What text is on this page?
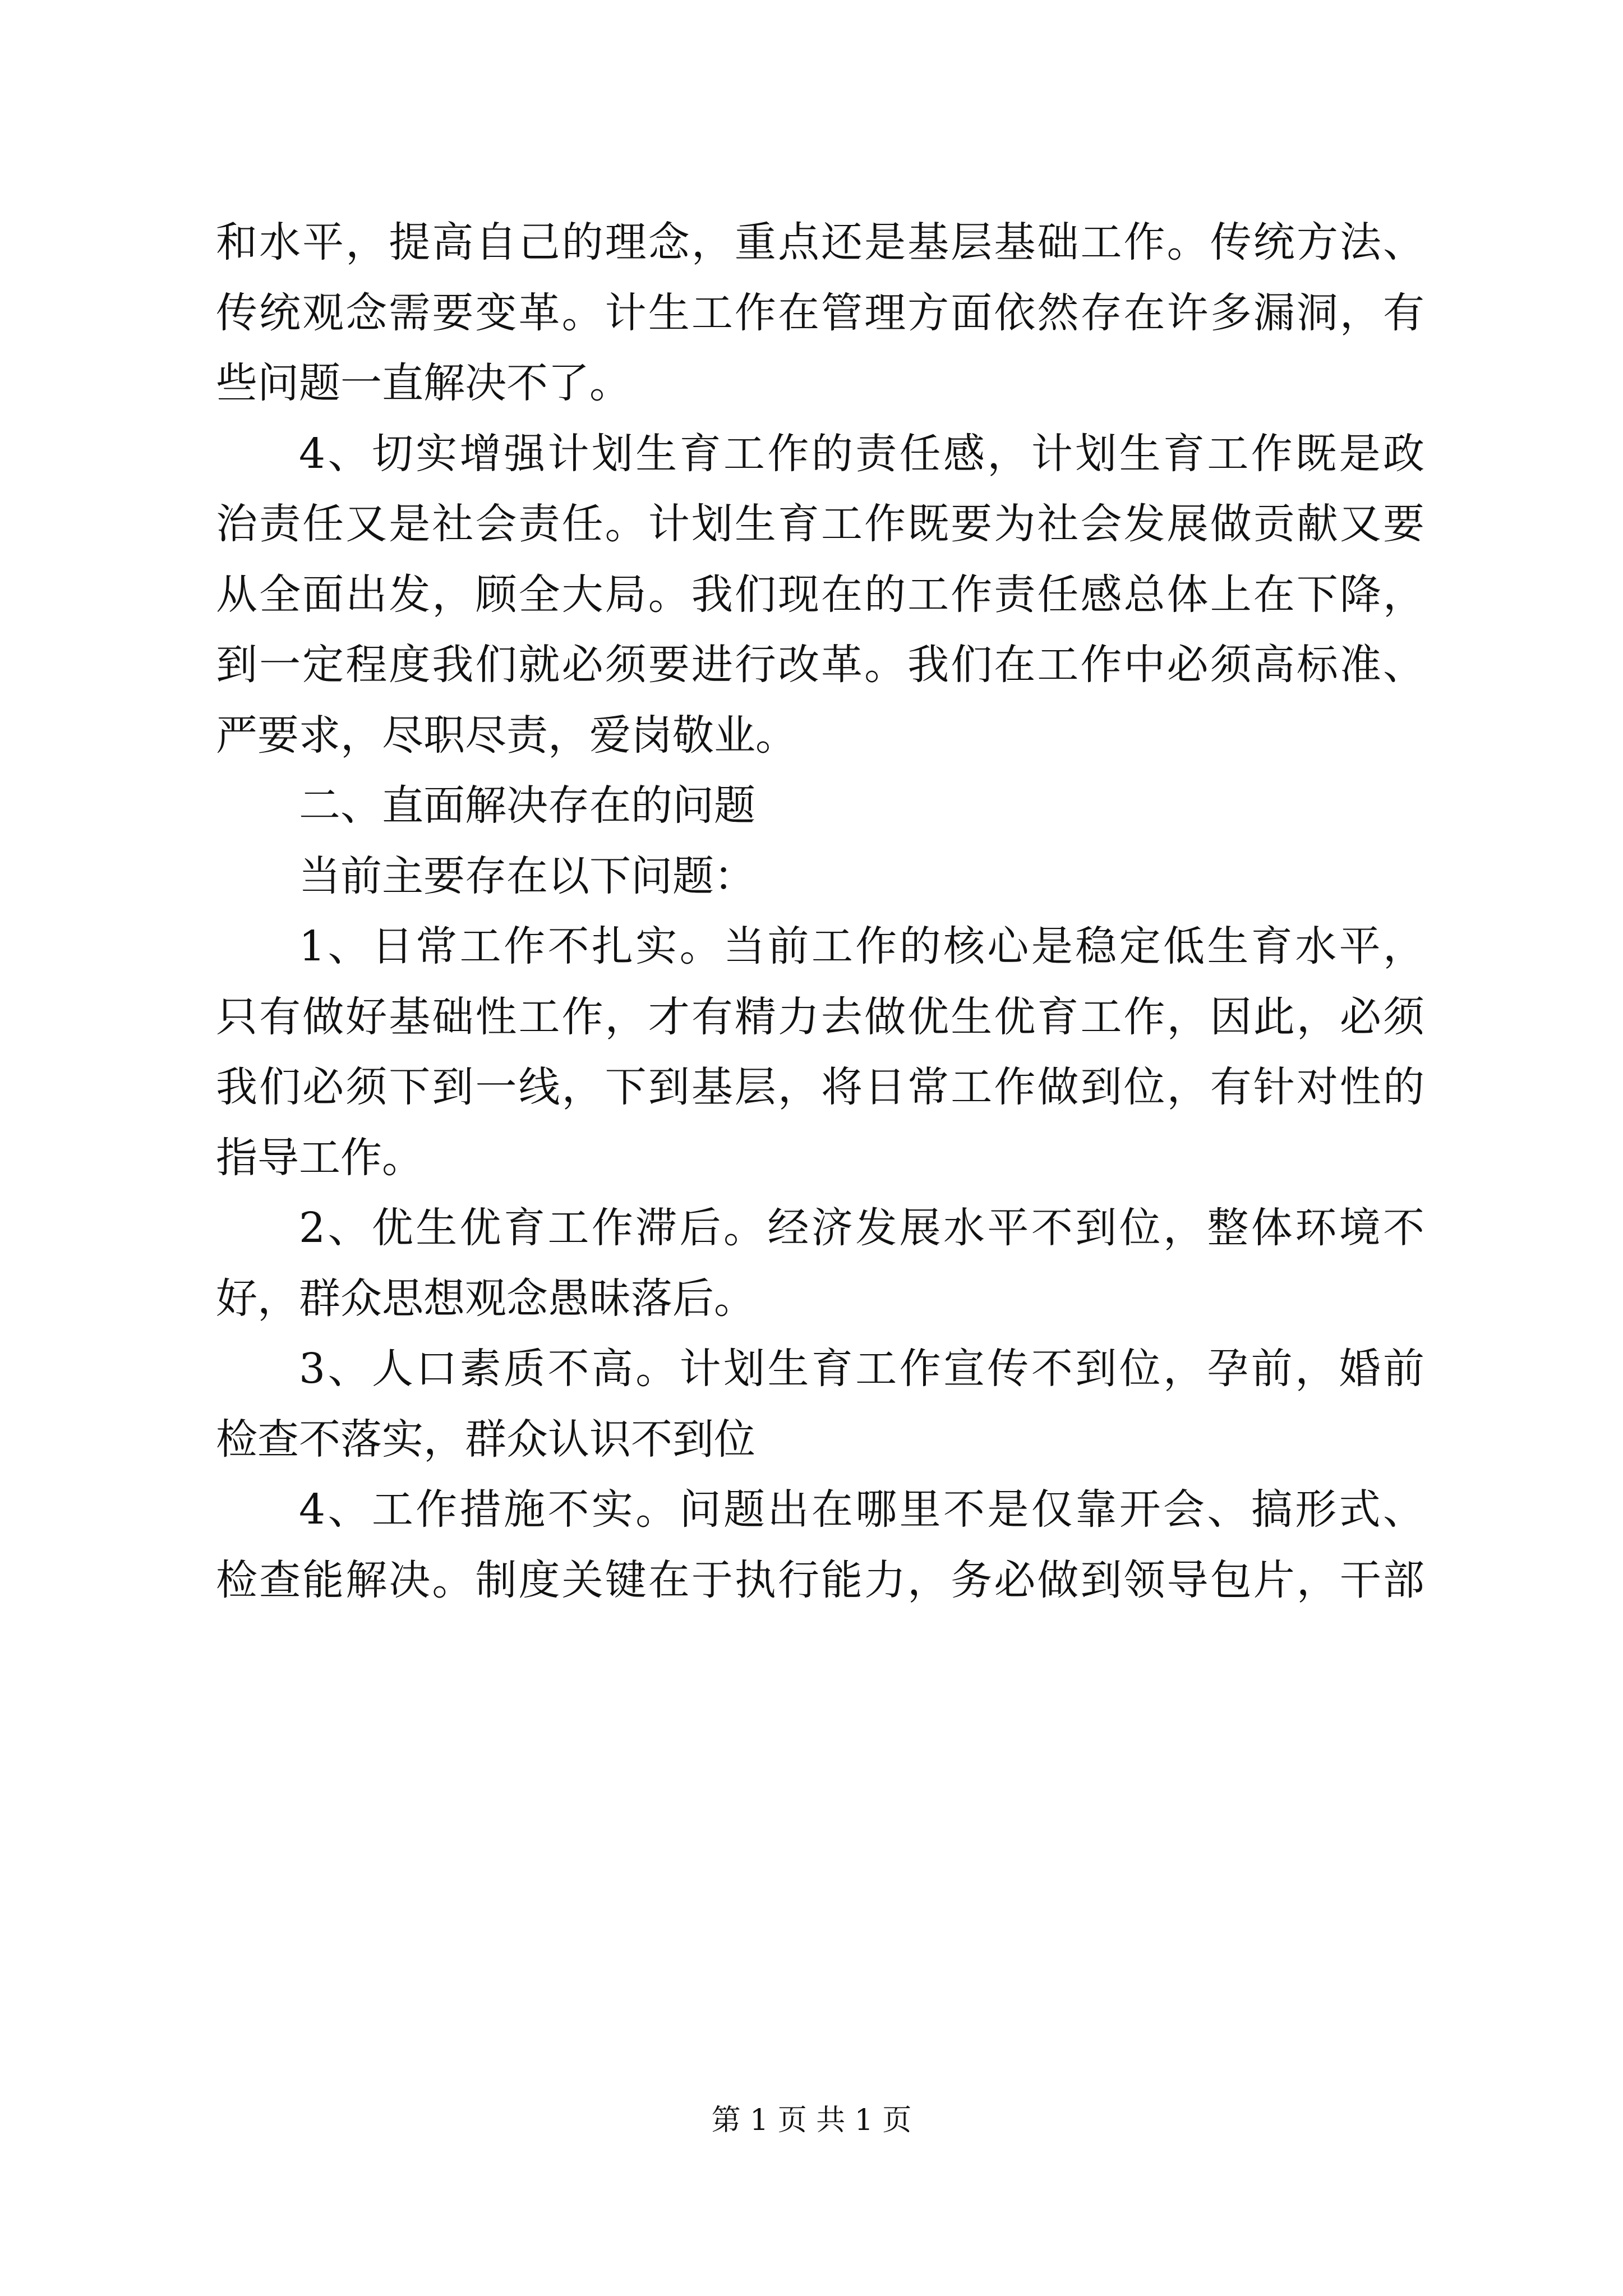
和水平，提高自己的理念，重点还是基层基础工作。传统方法、
传统观念需要变革。计生工作在管理方面依然存在许多漏洞，有
些问题一直解决不了。
4、切实增强计划生育工作的责任感，计划生育工作既是政
治责任又是社会责任。计划生育工作既要为社会发展做贡献又要
从全面出发，顾全大局。我们现在的工作责任感总体上在下降，
到一定程度我们就必须要进行改革。我们在工作中必须高标准、
严要求，尽职尽责，爱岗敬业。
二、直面解决存在的问题
当前主要存在以下问题：
1、日常工作不扎实。当前工作的核心是稳定低生育水平，
只有做好基础性工作，才有精力去做优生优育工作，因此，必须
我们必须下到一线，下到基层，将日常工作做到位，有针对性的
指导工作。
2、优生优育工作滞后。经济发展水平不到位，整体环境不
好，群众思想观念愚昧落后。
3、人口素质不高。计划生育工作宣传不到位，孕前，婚前
检查不落实，群众认识不到位
4、工作措施不实。问题出在哪里不是仅靠开会、搞形式、
检查能解决。制度关键在于执行能力，务必做到领导包片，干部
第 1 页 共 1 页
